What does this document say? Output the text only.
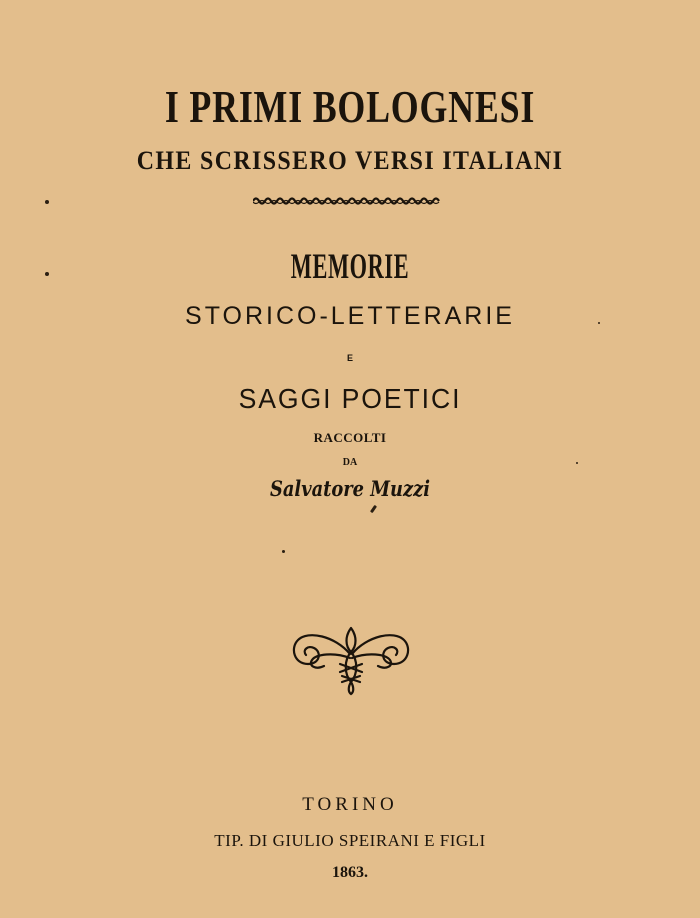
I PRIMI BOLOGNESI
CHE SCRISSERO VERSI ITALIANI
MEMORIE
STORICO-LETTERARIE
E
SAGGI POETICI
RACCOLTI
DA
Salvatore Muzzi
TORINO
TIP. DI GIULIO SPEIRANI E FIGLI
1863.
